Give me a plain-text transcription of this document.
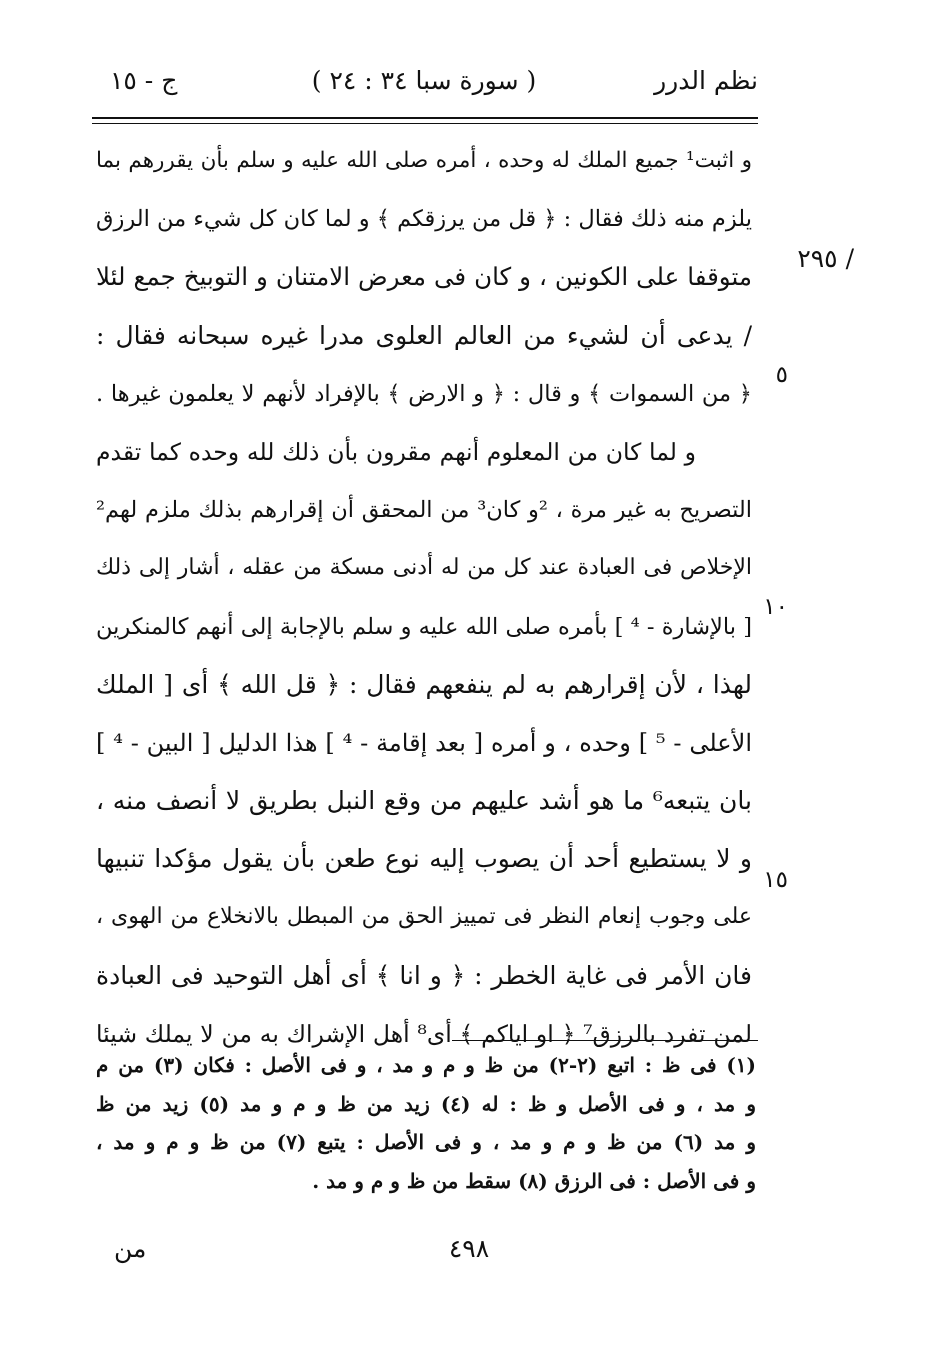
نظم الدرر
( سورة سبا ٣٤ : ٢٤ )
ج - ١٥
/ ٢٩٥
٥
١٠
١٥
و اثبت¹ جميع الملك له وحده ، أمره صلى الله عليه و سلم بأن يقررهم بما
يلزم منه ذلك فقال : ﴿ قل من يرزقكم ﴾ و لما كان كل شيء من الرزق
متوقفا على الكونين ، و كان فى معرض الامتنان و التوبيخ جمع لئلا
/ يدعى أن لشيء من العالم العلوى مدرا غيره سبحانه فقال :
﴿ من السموات ﴾ و قال : ﴿ و الارض ﴾ بالإفراد لأنهم لا يعلمون غيرها .
و لما كان من المعلوم أنهم مقرون بأن ذلك لله وحده كما تقدم
التصريح به غير مرة ، ²و كان³ من المحقق أن إقرارهم بذلك ملزم لهم²
الإخلاص فى العبادة عند كل من له أدنى مسكة من عقله ، أشار إلى ذلك
[ بالإشارة - ⁴ ] بأمره صلى الله عليه و سلم بالإجابة إلى أنهم كالمنكرين
لهذا ، لأن إقرارهم به لم ينفعهم فقال : ﴿ قل الله ﴾ أى [ الملك
الأعلى - ⁵ ] وحده ، و أمره [ بعد إقامة - ⁴ ] هذا الدليل [ البين - ⁴ ]
بان يتبعه⁶ ما هو أشد عليهم من وقع النبل بطريق لا أنصف منه ،
و لا يستطيع أحد أن يصوب إليه نوع طعن بأن يقول مؤكدا تنبيها
على وجوب إنعام النظر فى تمييز الحق من المبطل بالانخلاع من الهوى ،
فان الأمر فى غاية الخطر : ﴿ و انا ﴾ أى أهل التوحيد فى العبادة
لمن تفرد بالرزق⁷ ﴿ او اياكم ﴾ أى⁸ أهل الإشراك به من لا يملك شيئا
(١) فى ظ : اتبع (٢-٢) من ظ و م و مد ، و فى الأصل : فكان (٣) من م
و مد ، و فى الأصل و ظ : له (٤) زيد من ظ و م و مد (٥) زيد من ظ
و مد (٦) من ظ و م و مد ، و فى الأصل : يتبع (٧) من ظ و م و مد ،
و فى الأصل : فى الرزق (٨) سقط من ظ و م و مد .
٤٩٨
من
